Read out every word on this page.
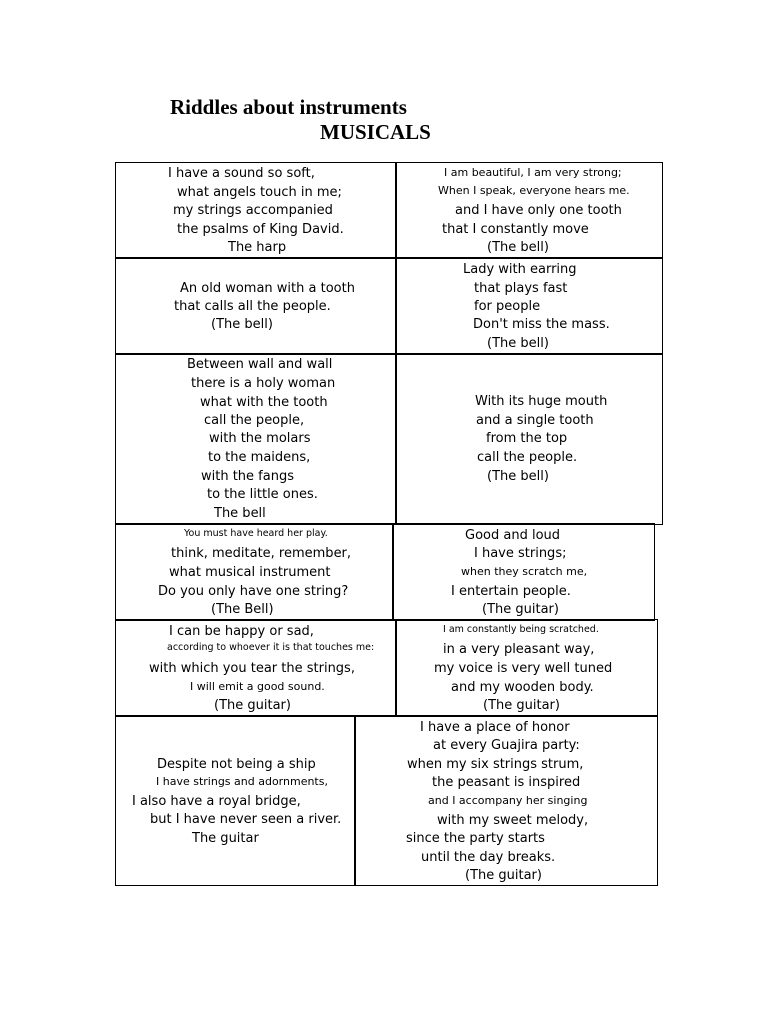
Riddles about instruments
MUSICALS
I have a sound so soft,
what angels touch in me;
my strings accompanied
the psalms of King David.
The harp
I am beautiful, I am very strong;
When I speak, everyone hears me.
and I have only one tooth
that I constantly move
(The bell)
An old woman with a tooth
that calls all the people.
(The bell)
Lady with earring
that plays fast
for people
Don't miss the mass.
(The bell)
Between wall and wall
there is a holy woman
what with the tooth
call the people,
with the molars
to the maidens,
with the fangs
to the little ones.
The bell
With its huge mouth
and a single tooth
from the top
call the people.
(The bell)
You must have heard her play.
think, meditate, remember,
what musical instrument
Do you only have one string?
(The Bell)
Good and loud
I have strings;
when they scratch me,
I entertain people.
(The guitar)
I can be happy or sad,
according to whoever it is that touches me:
with which you tear the strings,
I will emit a good sound.
(The guitar)
I am constantly being scratched.
in a very pleasant way,
my voice is very well tuned
and my wooden body.
(The guitar)
Despite not being a ship
I have strings and adornments,
I also have a royal bridge,
but I have never seen a river.
The guitar
I have a place of honor
at every Guajira party:
when my six strings strum,
the peasant is inspired
and I accompany her singing
with my sweet melody,
since the party starts
until the day breaks.
(The guitar)
